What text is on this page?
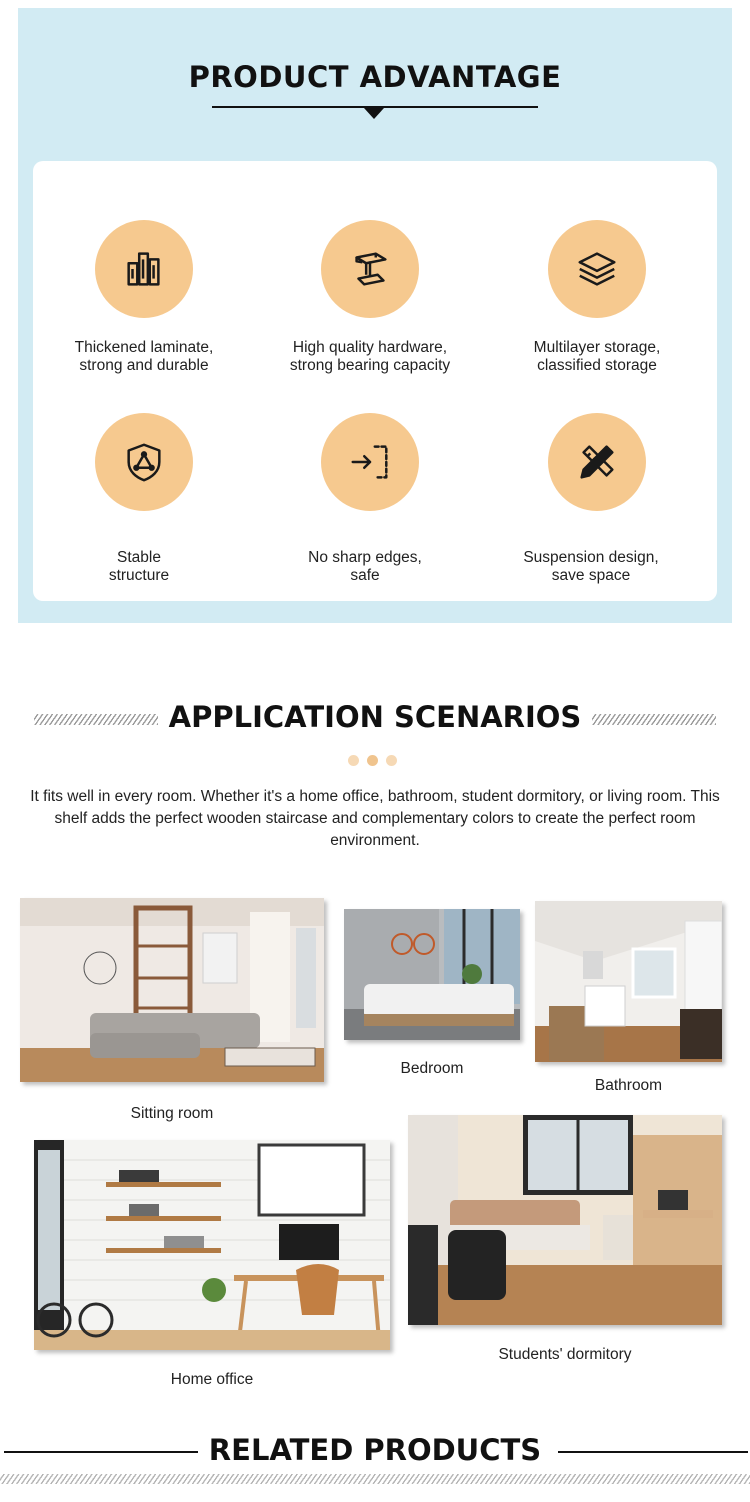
PRODUCT ADVANTAGE
Thickened laminate,
strong and durable
High quality hardware,
strong bearing capacity
Multilayer storage,
classified storage
Stable
structure
No sharp edges,
safe
Suspension design,
save space
APPLICATION SCENARIOS

It fits well in every room. Whether it's a home office, bathroom, student dormitory, or living room. This shelf adds the perfect wooden staircase and complementary colors to create the perfect room environment.

Sitting room
Bedroom
Bathroom
Home office
Students' dormitory
RELATED PRODUCTS
